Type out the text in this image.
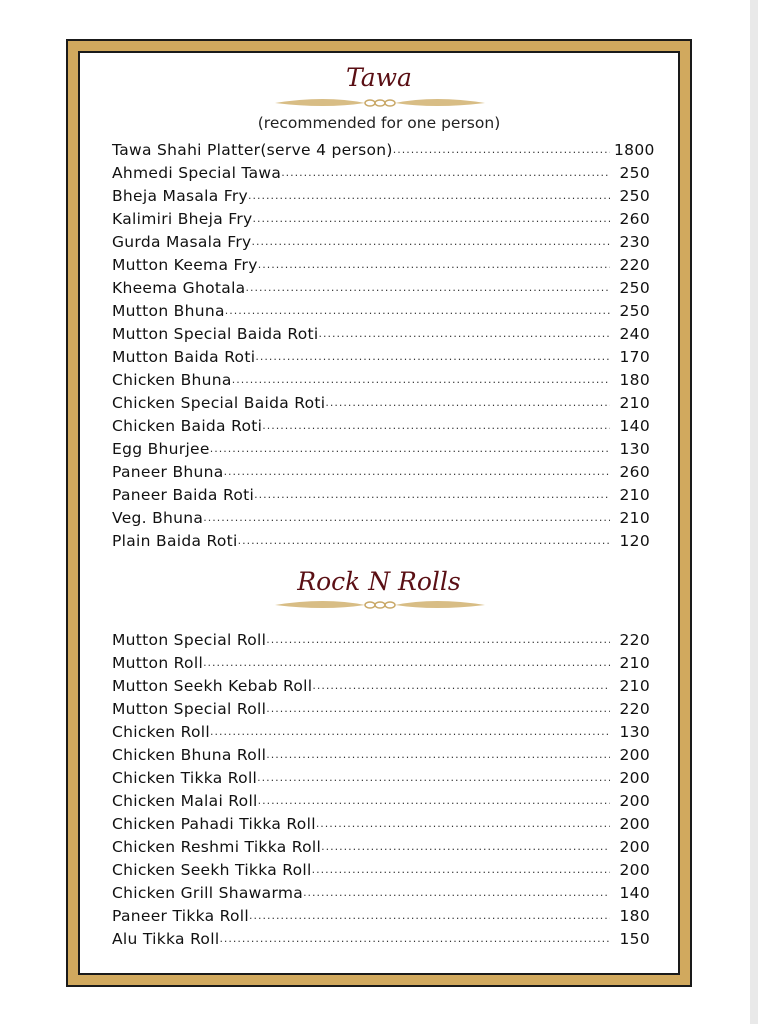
Tawa
(recommended for one person)
Tawa Shahi Platter(serve 4 person) .....	1800
Ahmedi Special Tawa .....	250
Bheja Masala Fry .....	250
Kalimiri Bheja Fry .....	260
Gurda Masala Fry .....	230
Mutton Keema Fry .....	220
Kheema Ghotala .....	250
Mutton Bhuna .....	250
Mutton Special Baida Roti .....	240
Mutton Baida Roti .....	170
Chicken Bhuna .....	180
Chicken Special Baida Roti .....	210
Chicken Baida Roti .....	140
Egg Bhurjee .....	130
Paneer Bhuna .....	260
Paneer Baida Roti .....	210
Veg. Bhuna .....	210
Plain Baida Roti .....	120
Rock N Rolls
Mutton Special Roll .....	220
Mutton Roll .....	210
Mutton Seekh Kebab Roll .....	210
Mutton Special Roll .....	220
Chicken Roll .....	130
Chicken Bhuna Roll .....	200
Chicken Tikka Roll .....	200
Chicken Malai Roll .....	200
Chicken Pahadi Tikka Roll .....	200
Chicken Reshmi Tikka Roll .....	200
Chicken Seekh Tikka Roll .....	200
Chicken Grill Shawarma .....	140
Paneer Tikka Roll .....	180
Alu Tikka Roll .....	150
